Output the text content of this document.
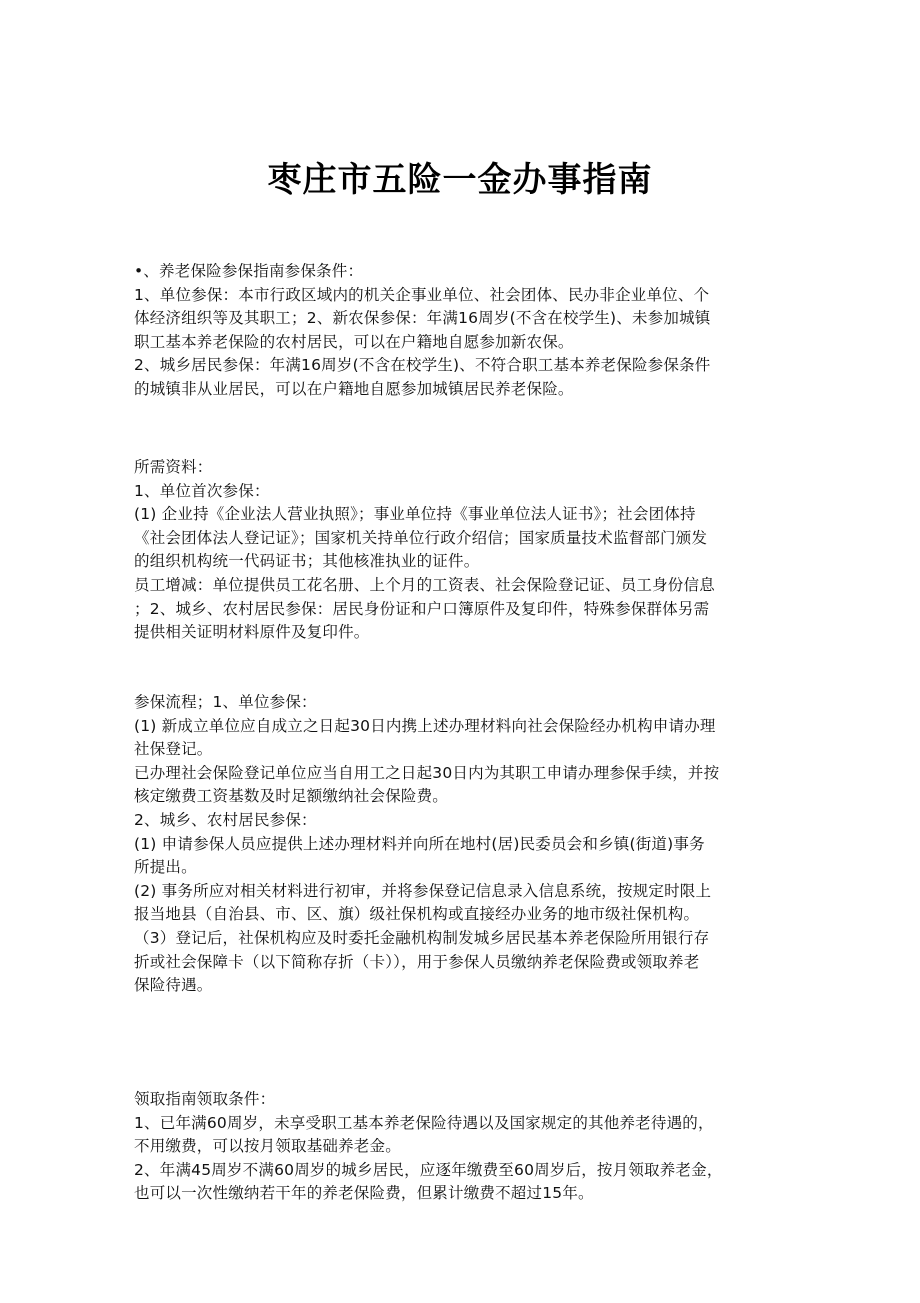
枣庄市五险一金办事指南
•、养老保险参保指南参保条件：
1、单位参保：本市行政区域内的机关企事业单位、社会团体、民办非企业单位、个
体经济组织等及其职工；2、新农保参保：年满16周岁(不含在校学生)、未参加城镇
职工基本养老保险的农村居民，可以在户籍地自愿参加新农保。
2、城乡居民参保：年满16周岁(不含在校学生)、不符合职工基本养老保险参保条件
的城镇非从业居民，可以在户籍地自愿参加城镇居民养老保险。
所需资料：
1、单位首次参保：
(1) 企业持《企业法人营业执照》；事业单位持《事业单位法人证书》；社会团体持
《社会团体法人登记证》；国家机关持单位行政介绍信；国家质量技术监督部门颁发
的组织机构统一代码证书；其他核准执业的证件。
员工增减：单位提供员工花名册、上个月的工资表、社会保险登记证、员工身份信息
；2、城乡、农村居民参保：居民身份证和户口簿原件及复印件，特殊参保群体另需
提供相关证明材料原件及复印件。
参保流程；1、单位参保：
(1) 新成立单位应自成立之日起30日内携上述办理材料向社会保险经办机构申请办理
社保登记。
已办理社会保险登记单位应当自用工之日起30日内为其职工申请办理参保手续，并按
核定缴费工资基数及时足额缴纳社会保险费。
2、城乡、农村居民参保：
(1) 申请参保人员应提供上述办理材料并向所在地村(居)民委员会和乡镇(街道)事务
所提出。
(2) 事务所应对相关材料进行初审，并将参保登记信息录入信息系统，按规定时限上
报当地县（自治县、市、区、旗）级社保机构或直接经办业务的地市级社保机构。
（3）登记后，社保机构应及时委托金融机构制发城乡居民基本养老保险所用银行存
折或社会保障卡（以下简称存折（卡）），用于参保人员缴纳养老保险费或领取养老
保险待遇。
领取指南领取条件：
1、已年满60周岁，未享受职工基本养老保险待遇以及国家规定的其他养老待遇的，
不用缴费，可以按月领取基础养老金。
2、年满45周岁不满60周岁的城乡居民，应逐年缴费至60周岁后，按月领取养老金，
也可以一次性缴纳若干年的养老保险费，但累计缴费不超过15年。
